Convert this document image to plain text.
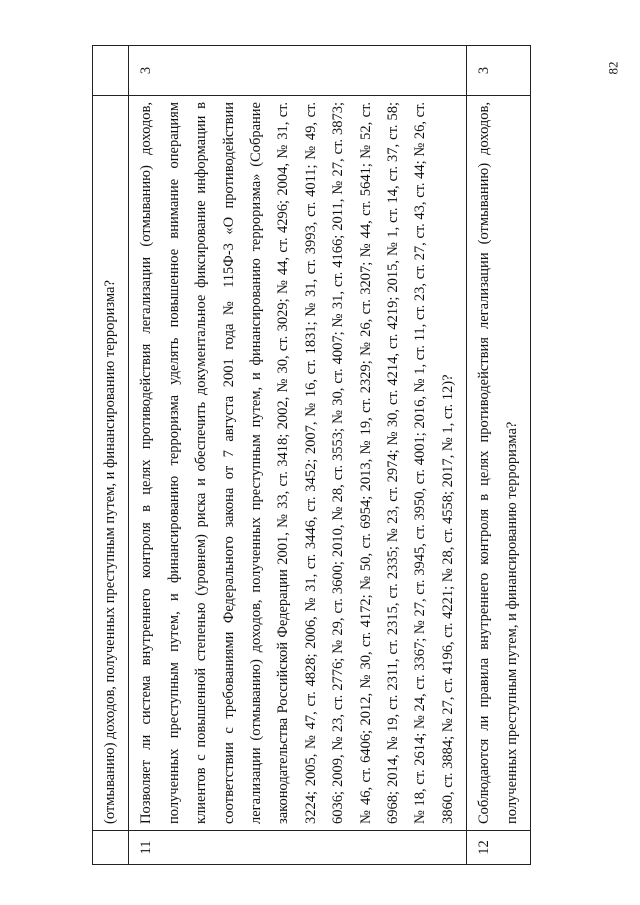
82
	(отмыванию) доходов, полученных преступным путем, и финансированию терроризма?	
11	Позволяет ли система внутреннего контроля в целях противодействия легализации (отмыванию) доходов, полученных преступным путем, и финансированию терроризма уделять повышенное внимание операциям клиентов с повышенной степенью (уровнем) риска и обеспечить документальное фиксирование информации в соответствии с требованиями Федерального закона от 7 августа 2001 года № 115Ф-3 «О противодействии легализации (отмыванию) доходов, полученных преступным путем, и финансированию терроризма» (Собрание законодательства Российской Федерации 2001, № 33, ст. 3418; 2002, № 30, ст. 3029; № 44, ст. 4296; 2004, № 31, ст. 3224; 2005, № 47, ст. 4828; 2006, № 31, ст. 3446, ст. 3452; 2007, № 16, ст. 1831; № 31, ст. 3993, ст. 4011; № 49, ст. 6036; 2009, № 23, ст. 2776; № 29, ст. 3600; 2010, № 28, ст. 3553; № 30, ст. 4007; № 31, ст. 4166; 2011, № 27, ст. 3873; № 46, ст. 6406; 2012, № 30, ст. 4172; № 50, ст. 6954; 2013, № 19, ст. 2329; № 26, ст. 3207; № 44, ст. 5641; № 52, ст. 6968; 2014, № 19, ст. 2311, ст. 2315, ст. 2335; № 23, ст. 2974; № 30, ст. 4214, ст. 4219; 2015, № 1, ст. 14, ст. 37, ст. 58; № 18, ст. 2614; № 24, ст. 3367; № 27, ст. 3945, ст. 3950, ст. 4001; 2016, № 1, ст. 11, ст. 23, ст. 27, ст. 43, ст. 44; № 26, ст. 3860, ст. 3884; № 27, ст. 4196, ст. 4221; № 28, ст. 4558; 2017, № 1, ст. 12)?	3
12	Соблюдаются ли правила внутреннего контроля в целях противодействия легализации (отмыванию) доходов, полученных преступным путем, и финансированию терроризма?	3
